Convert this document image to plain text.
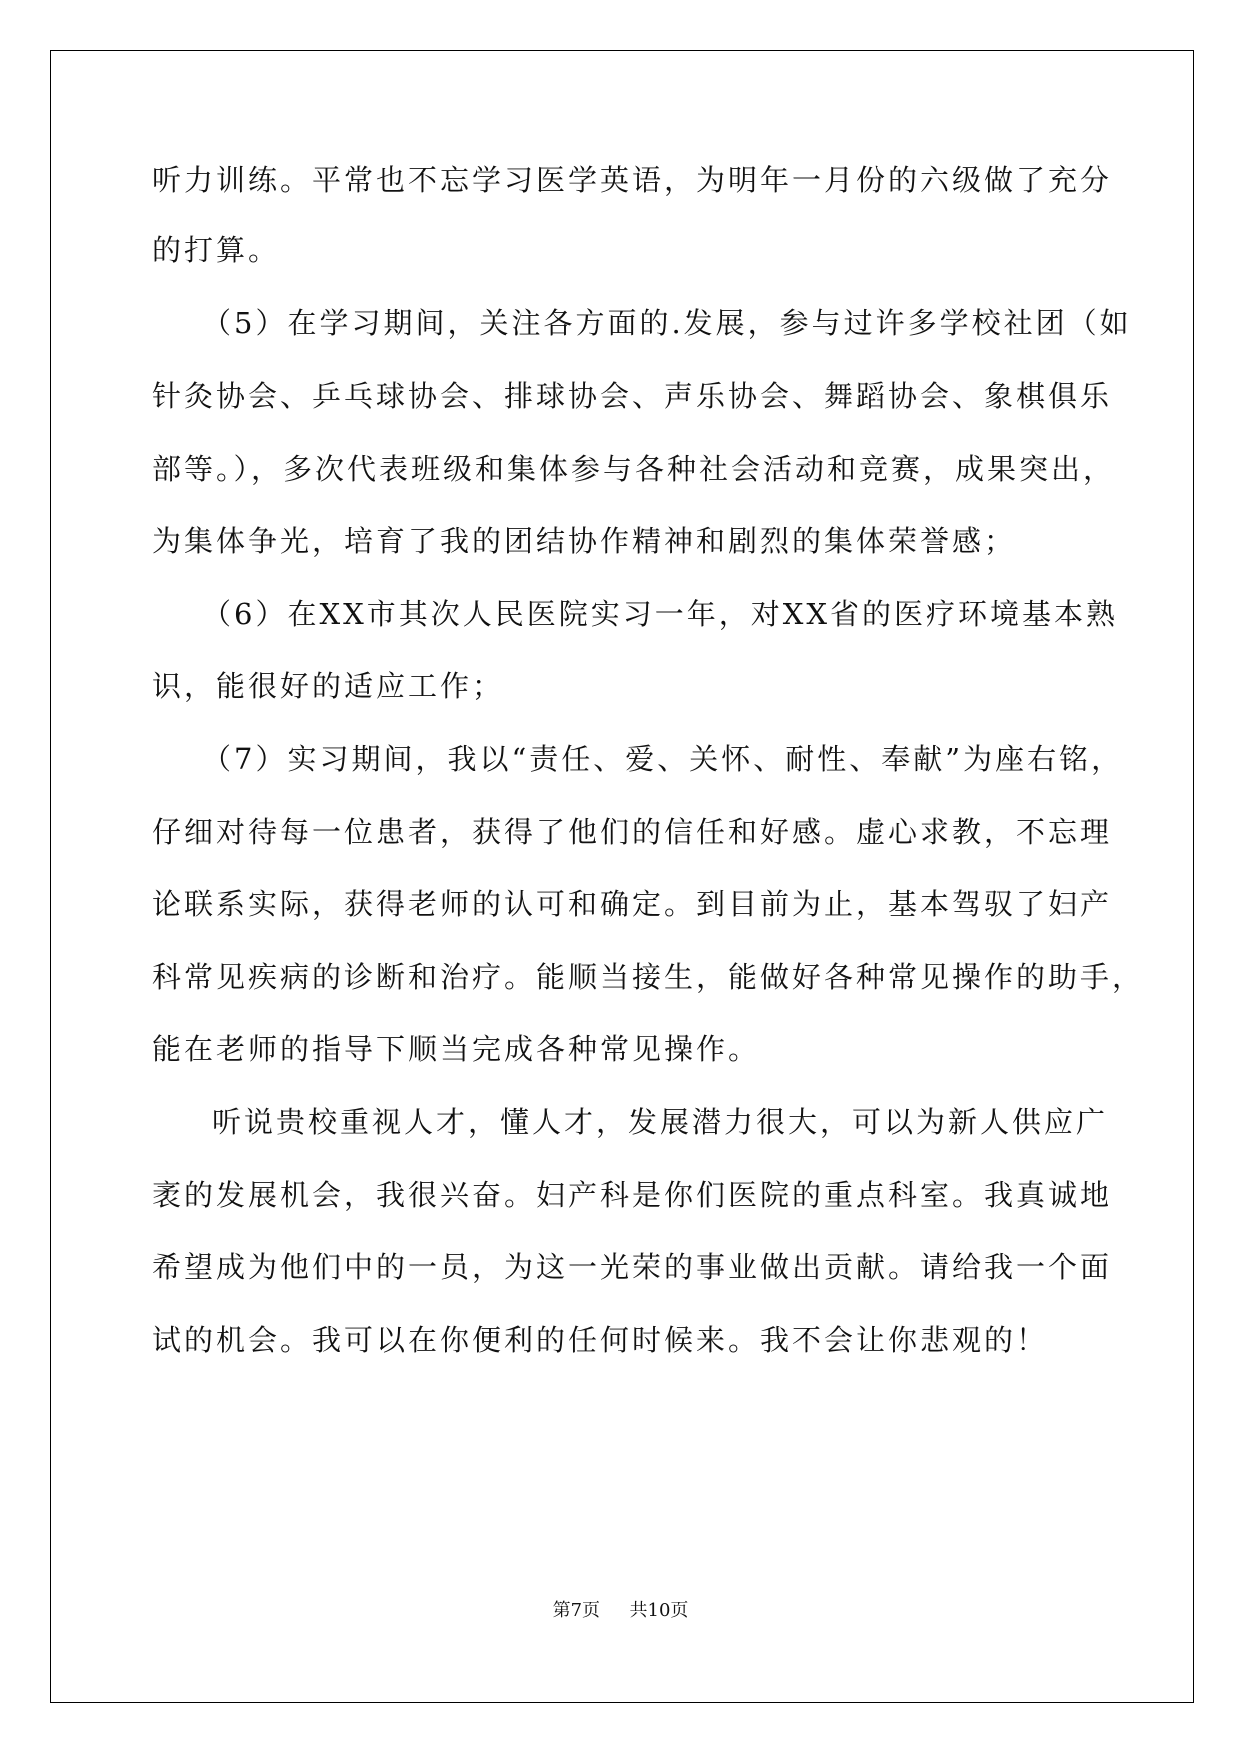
听力训练。平常也不忘学习医学英语，为明年一月份的六级做了充分
的打算。
（5）在学习期间，关注各方面的.发展，参与过许多学校社团（如
针灸协会、乒乓球协会、排球协会、声乐协会、舞蹈协会、象棋俱乐
部等。），多次代表班级和集体参与各种社会活动和竞赛，成果突出，
为集体争光，培育了我的团结协作精神和剧烈的集体荣誉感；
（6）在XX市其次人民医院实习一年，对XX省的医疗环境基本熟
识，能很好的适应工作；
（7）实习期间，我以“责任、爱、关怀、耐性、奉献”为座右铭，
仔细对待每一位患者，获得了他们的信任和好感。虚心求教，不忘理
论联系实际，获得老师的认可和确定。到目前为止，基本驾驭了妇产
科常见疾病的诊断和治疗。能顺当接生，能做好各种常见操作的助手，
能在老师的指导下顺当完成各种常见操作。
听说贵校重视人才，懂人才，发展潜力很大，可以为新人供应广
袤的发展机会，我很兴奋。妇产科是你们医院的重点科室。我真诚地
希望成为他们中的一员，为这一光荣的事业做出贡献。请给我一个面
试的机会。我可以在你便利的任何时候来。我不会让你悲观的！
第7页 共10页
